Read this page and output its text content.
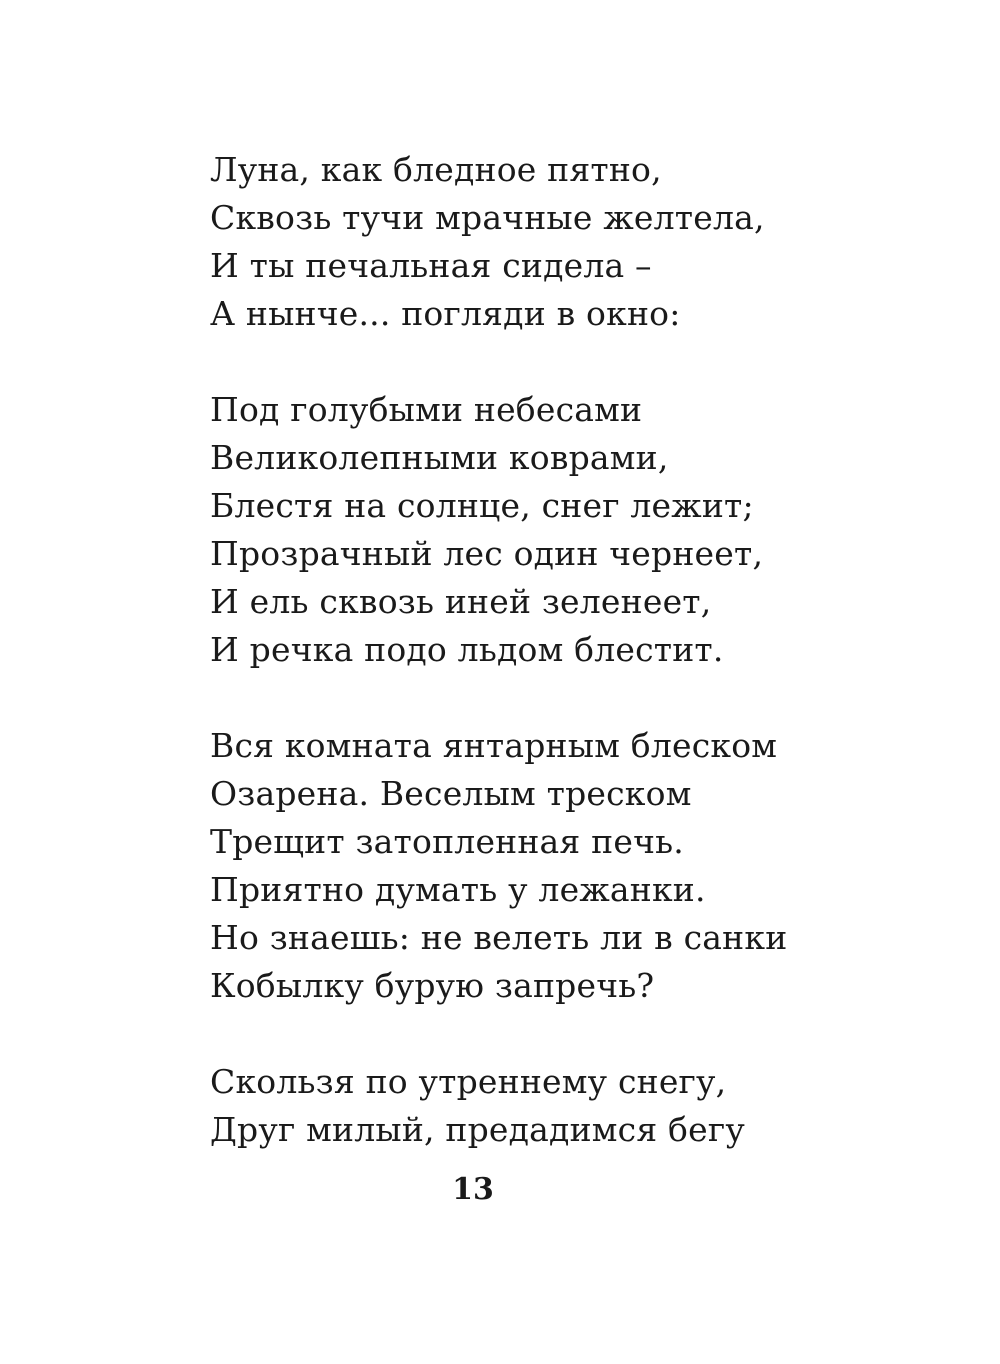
Луна, как бледное пятно,
Сквозь тучи мрачные желтела,
И ты печальная сидела –
А нынче... погляди в окно:
Под голубыми небесами
Великолепными коврами,
Блестя на солнце, снег лежит;
Прозрачный лес один чернеет,
И ель сквозь иней зеленеет,
И речка подо льдом блестит.
Вся комната янтарным блеском
Озарена. Веселым треском
Трещит затопленная печь.
Приятно думать у лежанки.
Но знаешь: не велеть ли в санки
Кобылку бурую запречь?
Скользя по утреннему снегу,
Друг милый, предадимся бегу
13
